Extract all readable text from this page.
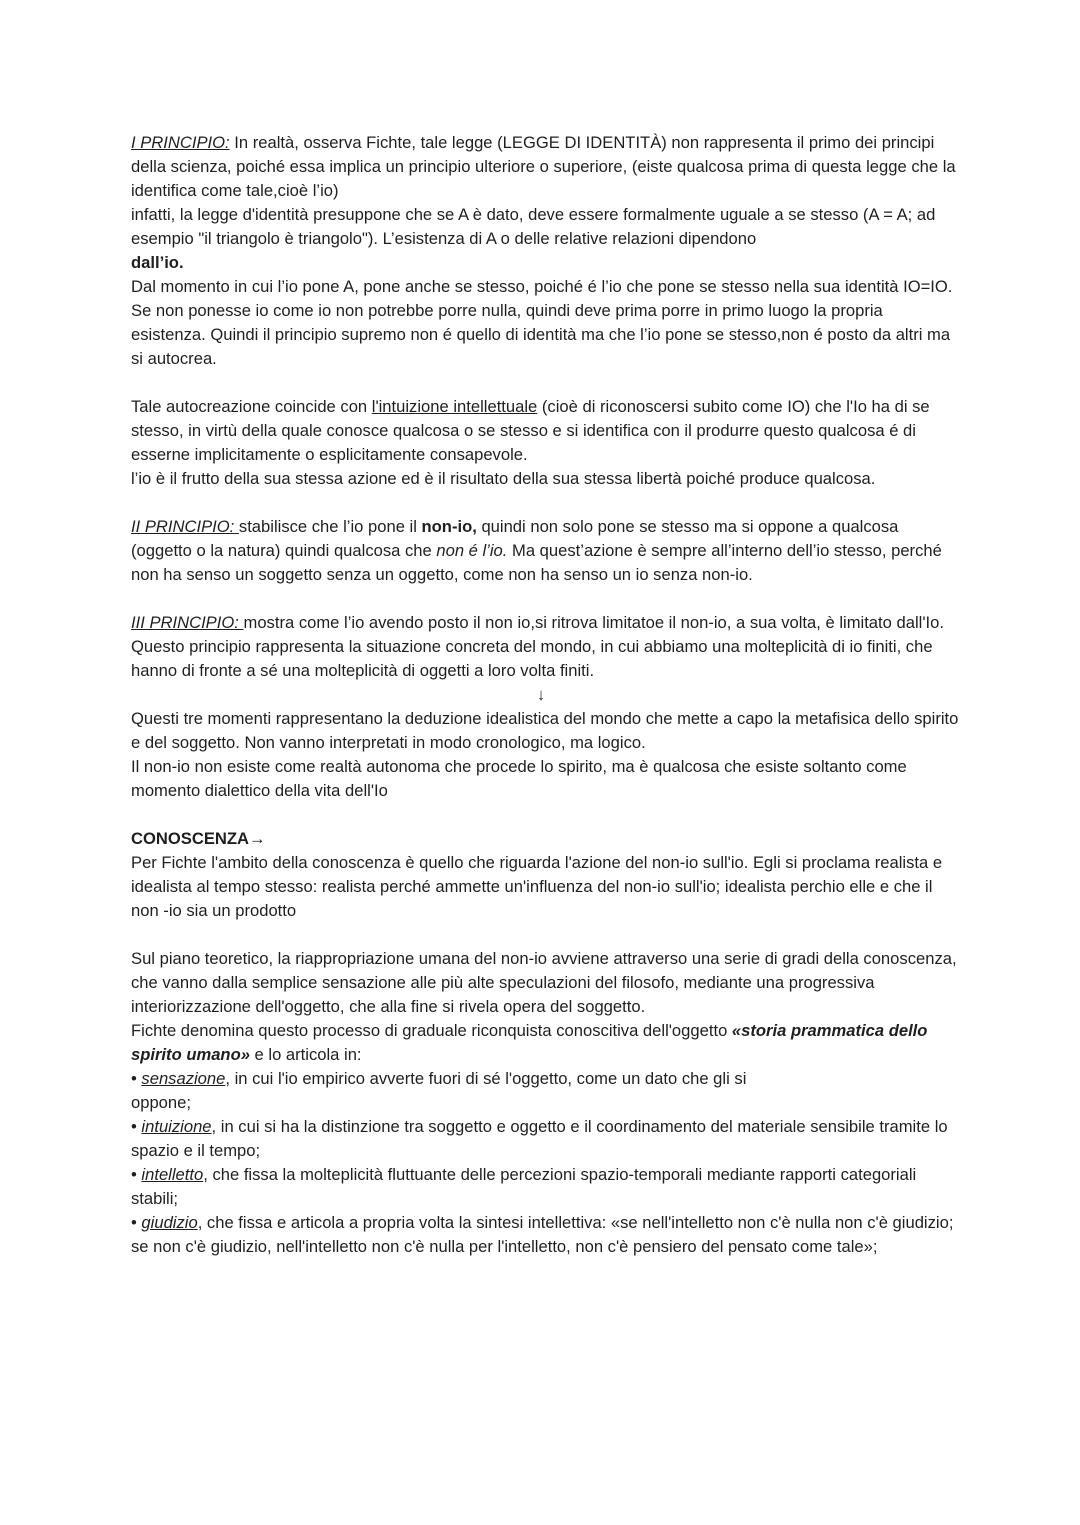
I PRINCIPIO: In realtà, osserva Fichte, tale legge (LEGGE DI IDENTITÀ) non rappresenta il primo dei principi della scienza, poiché essa implica un principio ulteriore o superiore, (eiste qualcosa prima di questa legge che la identifica come tale,cioè l’io)

infatti, la legge d'identità presuppone che se A è dato, deve essere formalmente uguale a se stesso (A = A; ad esempio "il triangolo è triangolo"). L’esistenza di A o delle relative relazioni dipendono
dall’io.

Dal momento in cui l’io pone A, pone anche se stesso, poiché é l’io che pone se stesso nella sua identità IO=IO.

Se non ponesse io come io non potrebbe porre nulla, quindi deve prima porre in primo luogo la propria esistenza. Quindi il principio supremo non é quello di identità ma che l’io pone se stesso,non é posto da altri ma si autocrea.

Tale autocreazione coincide con l'intuizione intellettuale (cioè di riconoscersi subito come IO) che l'Io ha di se stesso, in virtù della quale conosce qualcosa o se stesso e si identifica con il produrre questo qualcosa é di esserne implicitamente o esplicitamente consapevole.

l’io è il frutto della sua stessa azione ed è il risultato della sua stessa libertà poiché produce qualcosa.

II PRINCIPIO: stabilisce che l’io pone il non-io, quindi non solo pone se stesso ma si oppone a qualcosa (oggetto o la natura) quindi qualcosa che non é l’io. Ma quest’azione è sempre all’interno dell’io stesso, perché non ha senso un soggetto senza un oggetto, come non ha senso un io senza non-io.

III PRINCIPIO: mostra come l’io avendo posto il non io,si ritrova limitatoe il non-io, a sua volta, è limitato dall'Io.

Questo principio rappresenta la situazione concreta del mondo, in cui abbiamo una molteplicità di io finiti, che hanno di fronte a sé una molteplicità di oggetti a loro volta finiti.

↓

Questi tre momenti rappresentano la deduzione idealistica del mondo che mette a capo la metafisica dello spirito e del soggetto. Non vanno interpretati in modo cronologico, ma logico.

Il non-io non esiste come realtà autonoma che procede lo spirito, ma è qualcosa che esiste soltanto come momento dialettico della vita dell'Io

CONOSCENZA→

Per Fichte l'ambito della conoscenza è quello che riguarda l'azione del non-io sull'io. Egli si proclama realista e idealista al tempo stesso: realista perché ammette un'influenza del non-io sull'io; idealista perchio elle e che il non -io sia un prodotto

Sul piano teoretico, la riappropriazione umana del non-io avviene attraverso una serie di gradi della conoscenza, che vanno dalla semplice sensazione alle più alte speculazioni del filosofo, mediante una progressiva interiorizzazione dell'oggetto, che alla fine si rivela opera del soggetto.

Fichte denomina questo processo di graduale riconquista conoscitiva dell'oggetto «storia prammatica dello spirito umano» e lo articola in:

• sensazione, in cui l'io empirico avverte fuori di sé l'oggetto, come un dato che gli si
oppone;

• intuizione, in cui si ha la distinzione tra soggetto e oggetto e il coordinamento del materiale sensibile tramite lo spazio e il tempo;

• intelletto, che fissa la molteplicità fluttuante delle percezioni spazio-temporali mediante rapporti categoriali stabili;

• giudizio, che fissa e articola a propria volta la sintesi intellettiva: «se nell'intelletto non c'è nulla non c'è giudizio; se non c'è giudizio, nell'intelletto non c'è nulla per l'intelletto, non c'è pensiero del pensato come tale»;
